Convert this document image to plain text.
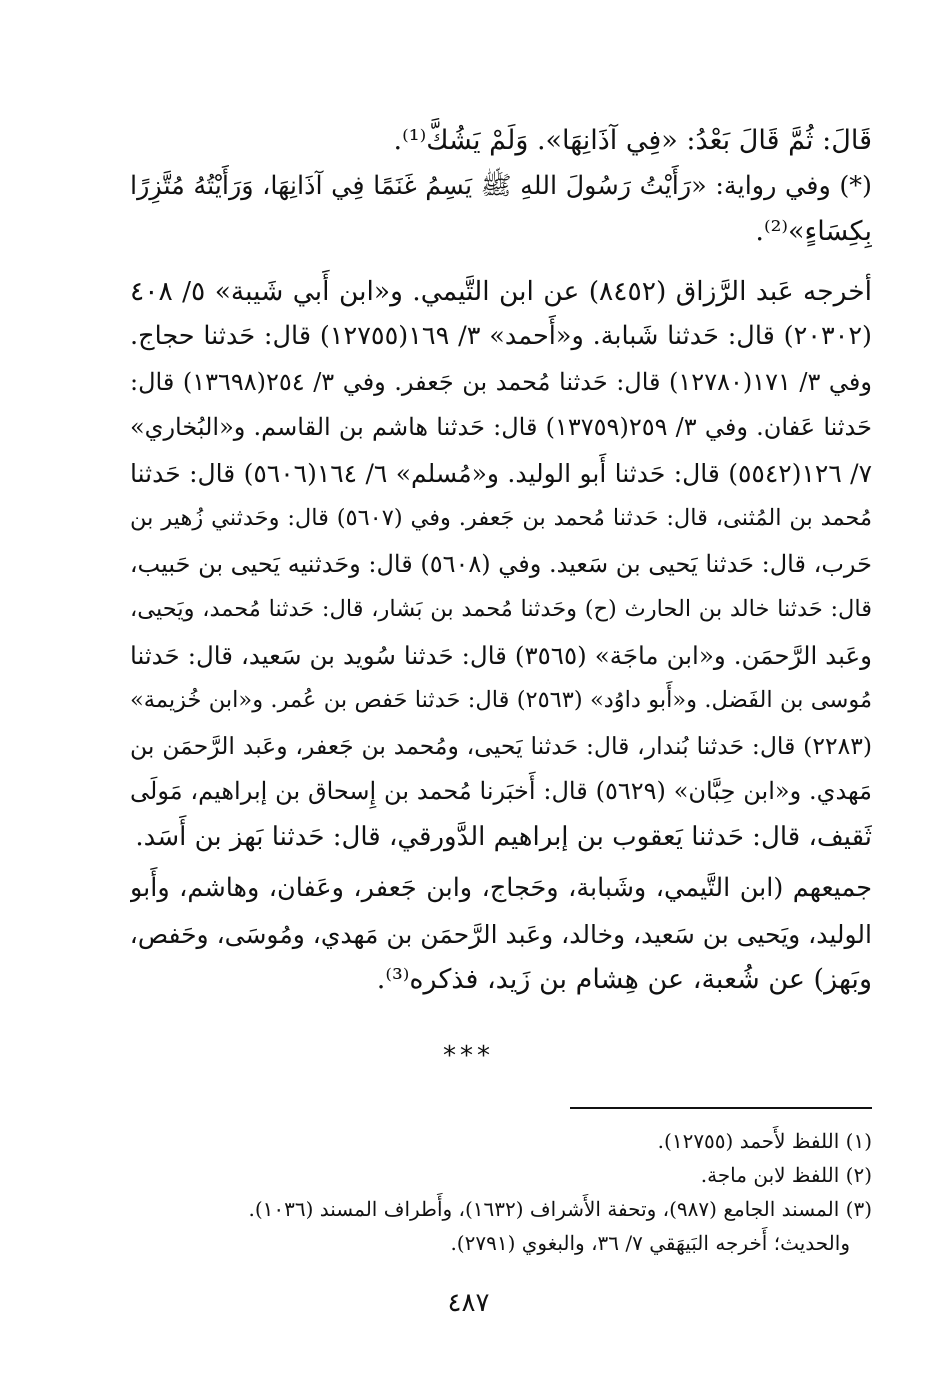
قَالَ: ثُمَّ قَالَ بَعْدُ: «فِي آذَانِهَا». وَلَمْ يَشُكَّ⁽¹⁾.

(*) وفي رواية: «رَأَيْتُ رَسُولَ اللهِ ﷺ يَسِمُ غَنَمًا فِي آذَانِهَا، وَرَأَيْتُهُ مُتَّزِرًا

بِكِسَاءٍ»⁽²⁾.

أخرجه عَبد الرَّزاق (٨٤٥٢) عن ابن التَّيمي. و«ابن أَبي شَيبة» ٥/ ٤٠٨

(٢٠٣٠٢) قال: حَدثنا شَبابة. و«أَحمد» ٣/ ١٦٩(١٢٧٥٥) قال: حَدثنا حجاج.

وفي ٣/ ١٧١(١٢٧٨٠) قال: حَدثنا مُحمد بن جَعفر. وفي ٣/ ٢٥٤(١٣٦٩٨) قال:

حَدثنا عَفان. وفي ٣/ ٢٥٩(١٣٧٥٩) قال: حَدثنا هاشم بن القاسم. و«البُخاري»

٧/ ١٢٦(٥٥٤٢) قال: حَدثنا أَبو الوليد. و«مُسلم» ٦/ ١٦٤(٥٦٠٦) قال: حَدثنا

مُحمد بن المُثنى، قال: حَدثنا مُحمد بن جَعفر. وفي (٥٦٠٧) قال: وحَدثني زُهير بن

حَرب، قال: حَدثنا يَحيى بن سَعيد. وفي (٥٦٠٨) قال: وحَدثنيه يَحيى بن حَبيب،

قال: حَدثنا خالد بن الحارث (ح) وحَدثنا مُحمد بن بَشار، قال: حَدثنا مُحمد، ويَحيى،

وعَبد الرَّحمَن. و«ابن ماجَة» (٣٥٦٥) قال: حَدثنا سُويد بن سَعيد، قال: حَدثنا

مُوسى بن الفَضل. و«أَبو داوُد» (٢٥٦٣) قال: حَدثنا حَفص بن عُمر. و«ابن خُزيمة»

(٢٢٨٣) قال: حَدثنا بُندار، قال: حَدثنا يَحيى، ومُحمد بن جَعفر، وعَبد الرَّحمَن بن

مَهدي. و«ابن حِبَّان» (٥٦٢٩) قال: أَخبَرنا مُحمد بن إِسحاق بن إبراهيم، مَولَى

ثَقيف، قال: حَدثنا يَعقوب بن إبراهيم الدَّورقي، قال: حَدثنا بَهز بن أَسَد.

جميعهم (ابن التَّيمي، وشَبابة، وحَجاج، وابن جَعفر، وعَفان، وهاشم، وأَبو

الوليد، ويَحيى بن سَعيد، وخالد، وعَبد الرَّحمَن بن مَهدي، ومُوسَى، وحَفص،

وبَهز) عن شُعبة، عن هِشام بن زَيد، فذكره⁽³⁾.

***

(١) اللفظ لأَحمد (١٢٧٥٥).

(٢) اللفظ لابن ماجة.

(٣) المسند الجامع (٩٨٧)، وتحفة الأَشراف (١٦٣٢)، وأَطراف المسند (١٠٣٦).

والحديث؛ أَخرجه البَيهَقي ٧/ ٣٦، والبغوي (٢٧٩١).

٤٨٧
